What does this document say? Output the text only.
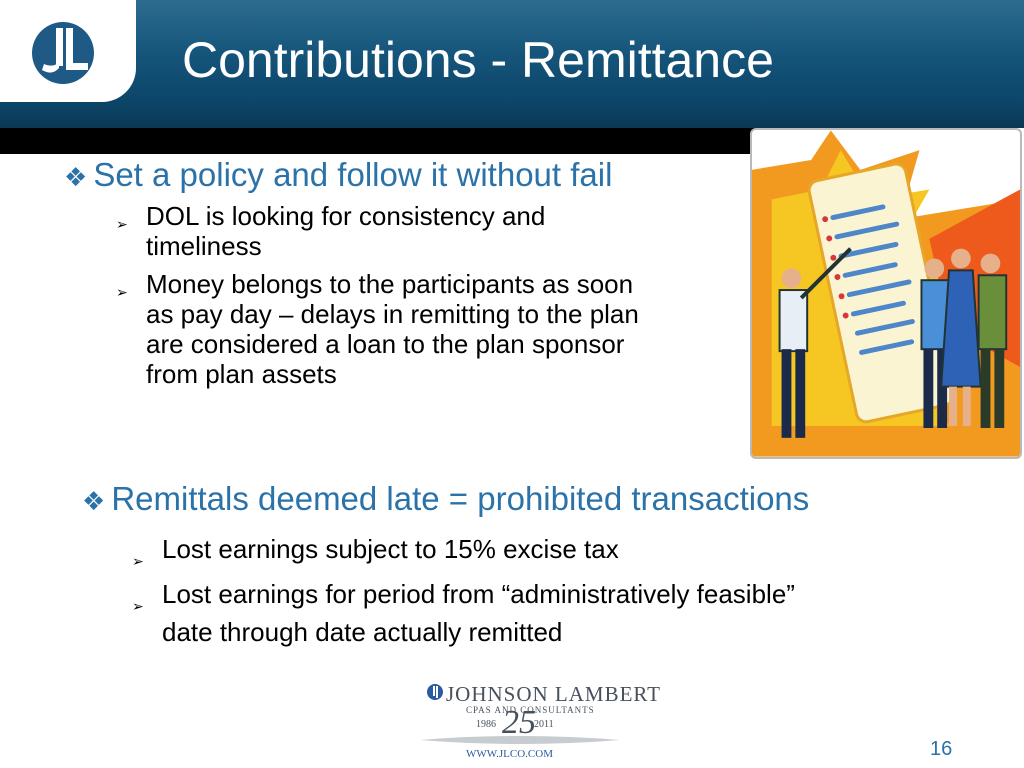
Contributions - Remittance
❖ Set a policy and follow it without fail
➢ DOL is looking for consistency and
timeliness
➢ Money belongs to the participants as soon
as pay day – delays in remitting to the plan
are considered a loan to the plan sponsor
from plan assets
❖ Remittals deemed late = prohibited transactions
➢ Lost earnings subject to 15% excise tax
➢ Lost earnings for period from “administratively feasible”
date through date actually remitted
JOHNSON LAMBERT
CPAS AND CONSULTANTS
1986 25
2011
WWW.JLCO.COM	16
